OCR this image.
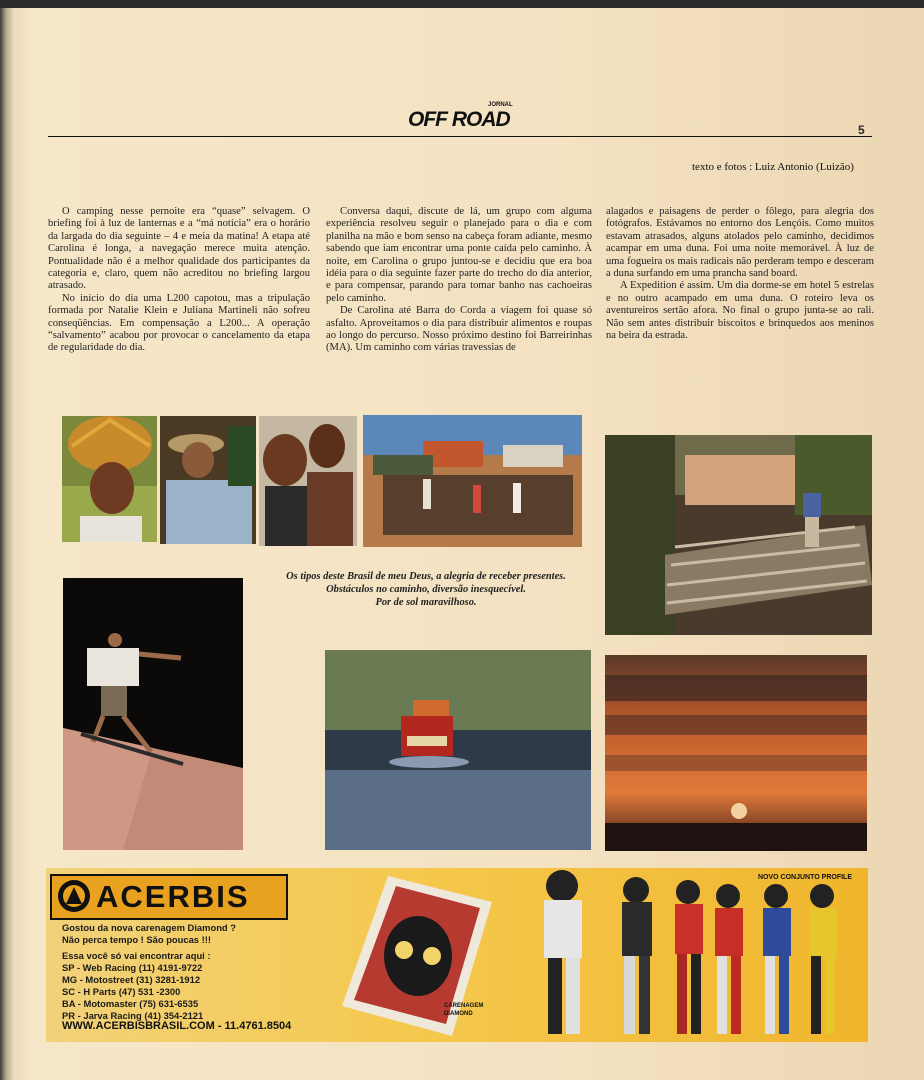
JORNAL
OFF ROAD	5
texto e fotos : Luiz Antonio (Luizão)

O camping nesse pernoite era “quase” selvagem. O briefing foi à luz de lanternas e a “má notícia” era o horário da largada do dia seguinte – 4 e meia da matina! A etapa até Carolina é longa, a navegação merece muita atenção. Pontualidade não é a melhor qualidade dos participantes da categoria e, claro, quem não acreditou no briefing largou atrasado.

No início do dia uma L200 capotou, mas a tripulação formada por Natalie Klein e Juliana Martineli não sofreu conseqüências. Em compensação a L200... A operação “salvamento” acabou por provocar o cancelamento da etapa de regularidade do dia.

Conversa daqui, discute de lá, um grupo com alguma experiência resolveu seguir o planejado para o dia e com planilha na mão e bom senso na cabeça foram adiante, mesmo sabendo que iam encontrar uma ponte caída pelo caminho. À noite, em Carolina o grupo juntou-se e decidiu que era boa idéia para o dia seguinte fazer parte do trecho do dia anterior, e para compensar, parando para tomar banho nas cachoeiras pelo caminho.

De Carolina até Barra do Corda a viagem foi quase só asfalto. Aproveitamos o dia para distribuir alimentos e roupas ao longo do percurso. Nosso próximo destino foi Barreirinhas (MA). Um caminho com várias travessias de

alagados e paisagens de perder o fôlego, para alegria dos fotógrafos. Estávamos no entorno dos Lençóis. Como muitos estavam atrasados, alguns atolados pelo caminho, decidimos acampar em uma duna. Foi uma noite memorável. À luz de uma fogueira os mais radicais não perderam tempo e desceram a duna surfando em uma prancha sand board.

A Expedition é assim. Um dia dorme-se em hotel 5 estrelas e no outro acampado em uma duna. O roteiro leva os aventureiros sertão afora. No final o grupo junta-se ao rali. Não sem antes distribuir biscoitos e brinquedos aos meninos na beira da estrada.

Os tipos deste Brasil de meu Deus, a alegria de receber presentes.
Obstáculos no caminho, diversão inesquecível.
Por de sol maravilhoso.
ACERBIS
Gostou da nova carenagem Diamond ?
Não perca tempo ! São poucas !!!
Essa você só vai encontrar aqui :
SP - Web Racing (11) 4191-9722
MG - Motostreet (31) 3281-1912
SC - H Parts (47) 531 -2300
BA - Motomaster (75) 631-6535
PR - Jarva Racing (41) 354-2121
WWW.ACERBISBRASIL.COM - 11.4761.8504
CARENAGEM
DIAMOND
NOVO CONJUNTO PROFILE
